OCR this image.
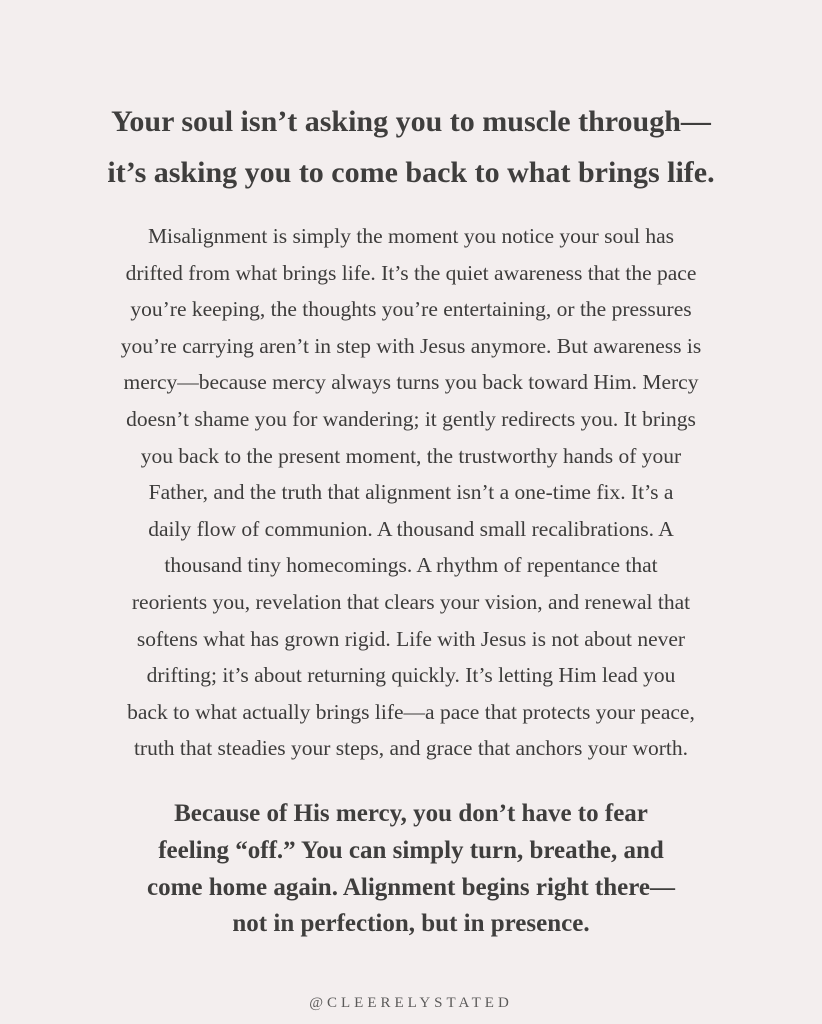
Your soul isn’t asking you to muscle through—
it’s asking you to come back to what brings life.
Misalignment is simply the moment you notice your soul has
drifted from what brings life. It’s the quiet awareness that the pace
you’re keeping, the thoughts you’re entertaining, or the pressures
you’re carrying aren’t in step with Jesus anymore. But awareness is
mercy—because mercy always turns you back toward Him. Mercy
doesn’t shame you for wandering; it gently redirects you. It brings
you back to the present moment, the trustworthy hands of your
Father, and the truth that alignment isn’t a one-time fix. It’s a
daily flow of communion. A thousand small recalibrations. A
thousand tiny homecomings. A rhythm of repentance that
reorients you, revelation that clears your vision, and renewal that
softens what has grown rigid. Life with Jesus is not about never
drifting; it’s about returning quickly. It’s letting Him lead you
back to what actually brings life—a pace that protects your peace,
truth that steadies your steps, and grace that anchors your worth.
Because of His mercy, you don’t have to fear
feeling “off.” You can simply turn, breathe, and
come home again. Alignment begins right there—
not in perfection, but in presence.
@CLEERELYSTATED
